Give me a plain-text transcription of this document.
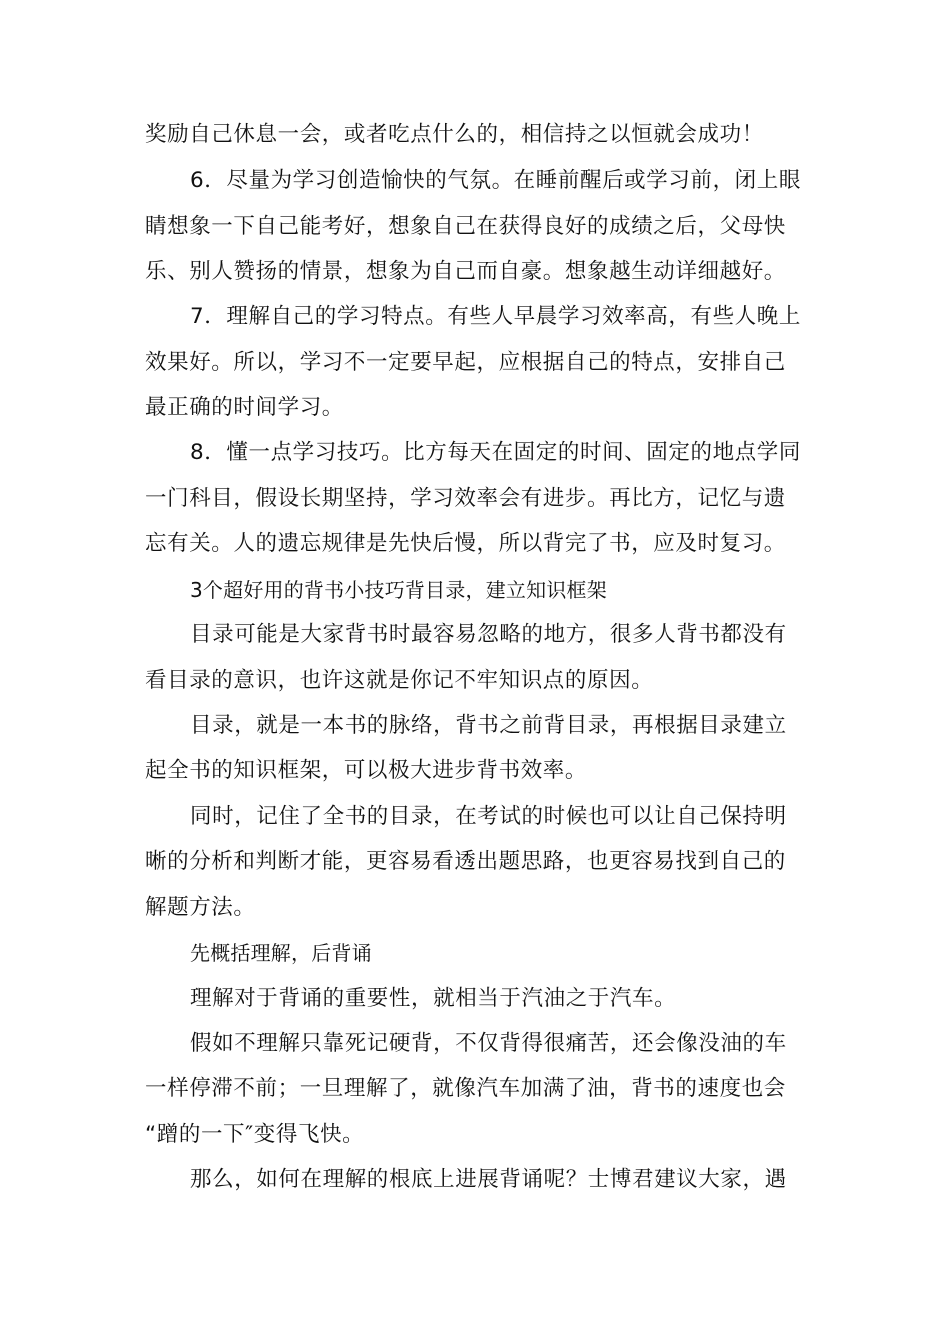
奖励自己休息一会，或者吃点什么的，相信持之以恒就会成功！
6．尽量为学习创造愉快的气氛。在睡前醒后或学习前，闭上眼
睛想象一下自己能考好，想象自己在获得良好的成绩之后，父母快
乐、别人赞扬的情景，想象为自己而自豪。想象越生动详细越好。
7．理解自己的学习特点。有些人早晨学习效率高，有些人晚上
效果好。所以，学习不一定要早起，应根据自己的特点，安排自己
最正确的时间学习。
8．懂一点学习技巧。比方每天在固定的时间、固定的地点学同
一门科目，假设长期坚持，学习效率会有进步。再比方，记忆与遗
忘有关。人的遗忘规律是先快后慢，所以背完了书，应及时复习。
3个超好用的背书小技巧背目录，建立知识框架
目录可能是大家背书时最容易忽略的地方，很多人背书都没有
看目录的意识，也许这就是你记不牢知识点的原因。
目录，就是一本书的脉络，背书之前背目录，再根据目录建立
起全书的知识框架，可以极大进步背书效率。
同时，记住了全书的目录，在考试的时候也可以让自己保持明
晰的分析和判断才能，更容易看透出题思路，也更容易找到自己的
解题方法。
先概括理解，后背诵
理解对于背诵的重要性，就相当于汽油之于汽车。
假如不理解只靠死记硬背，不仅背得很痛苦，还会像没油的车
一样停滞不前；一旦理解了，就像汽车加满了油，背书的速度也会
“蹭的一下″变得飞快。
那么，如何在理解的根底上进展背诵呢？士博君建议大家，遇
